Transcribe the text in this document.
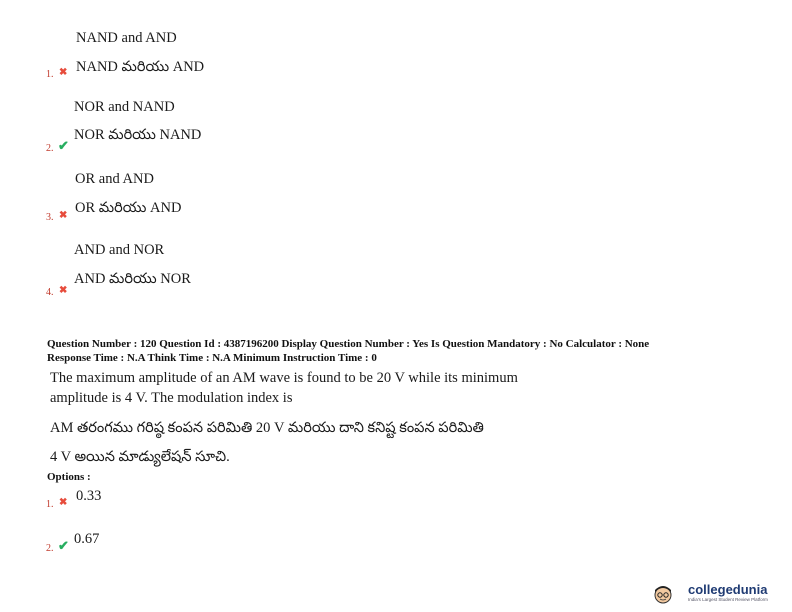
NAND and AND
NAND మరియు AND
1. ✖
NOR and NAND
NOR మరియు NAND
2. ✔
OR and AND
OR మరియు AND
3. ✖
AND and NOR
AND మరియు NOR
4. ✖
Question Number : 120 Question Id : 4387196200 Display Question Number : Yes Is Question Mandatory : No Calculator : None
Response Time : N.A Think Time : N.A Minimum Instruction Time : 0
The maximum amplitude of an AM wave is found to be 20 V while its minimum
amplitude is 4 V. The modulation index is
AM తరంగము గరిష్ఠ కంపన పరిమితి 20 V మరియు దాని కనిష్ట కంపన పరిమితి
4 V అయిన మాడ్యులేషన్ సూచి.
Options :
1. ✖ 0.33
2. ✔ 0.67
collegedunia
India's Largest Student Review Platform
